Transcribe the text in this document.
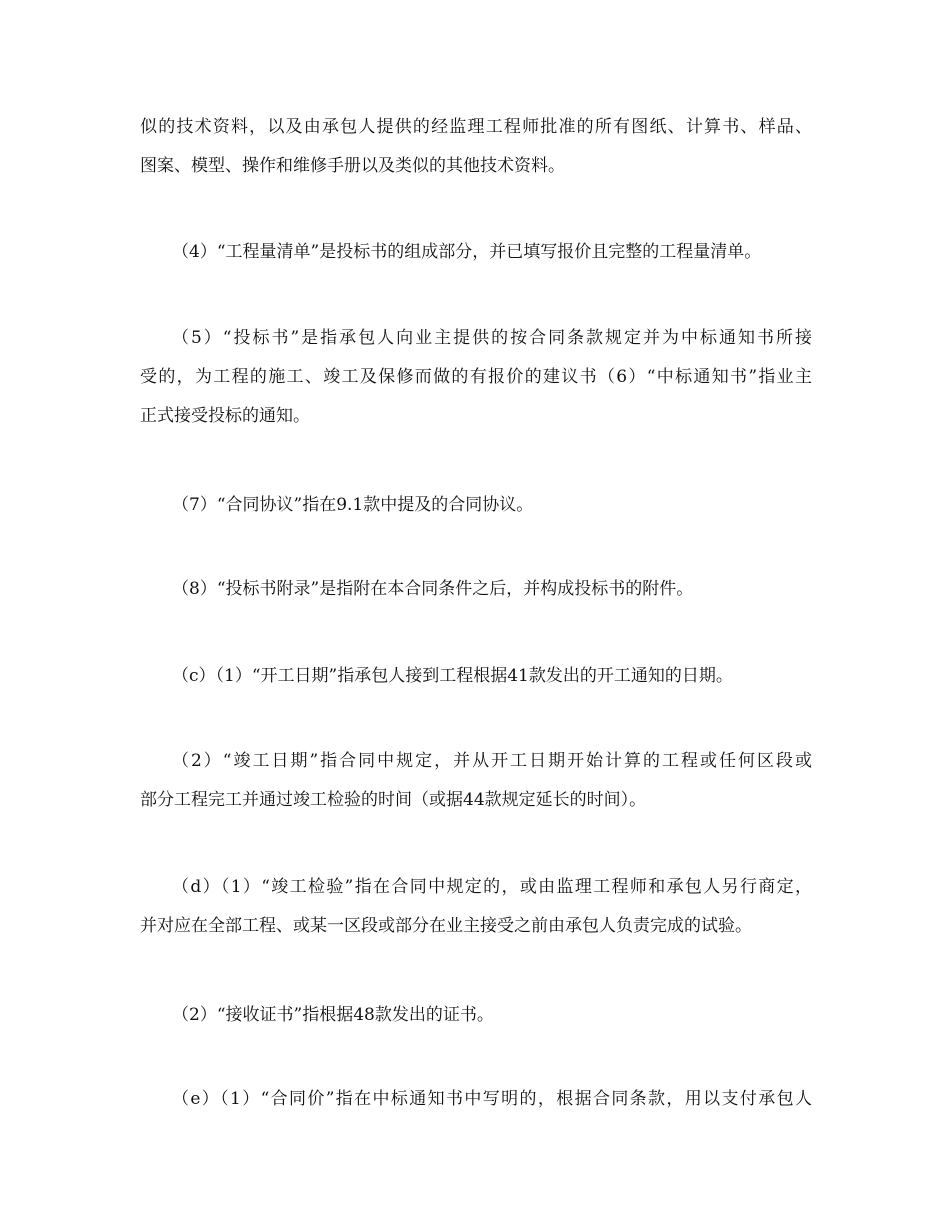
似的技术资料，以及由承包人提供的经监理工程师批准的所有图纸、计算书、样品、
图案、模型、操作和维修手册以及类似的其他技术资料。
（4）“工程量清单”是投标书的组成部分，并已填写报价且完整的工程量清单。
（5）“投标书”是指承包人向业主提供的按合同条款规定并为中标通知书所接
受的，为工程的施工、竣工及保修而做的有报价的建议书（6）“中标通知书”指业主
正式接受投标的通知。
（7）“合同协议”指在9.1款中提及的合同协议。
（8）“投标书附录”是指附在本合同条件之后，并构成投标书的附件。
（c）（1）“开工日期”指承包人接到工程根据41款发出的开工通知的日期。
（2）“竣工日期”指合同中规定，并从开工日期开始计算的工程或任何区段或
部分工程完工并通过竣工检验的时间（或据44款规定延长的时间）。
（d）（1）“竣工检验”指在合同中规定的，或由监理工程师和承包人另行商定，
并对应在全部工程、或某一区段或部分在业主接受之前由承包人负责完成的试验。
（2）“接收证书”指根据48款发出的证书。
（e）（1）“合同价”指在中标通知书中写明的，根据合同条款，用以支付承包人
